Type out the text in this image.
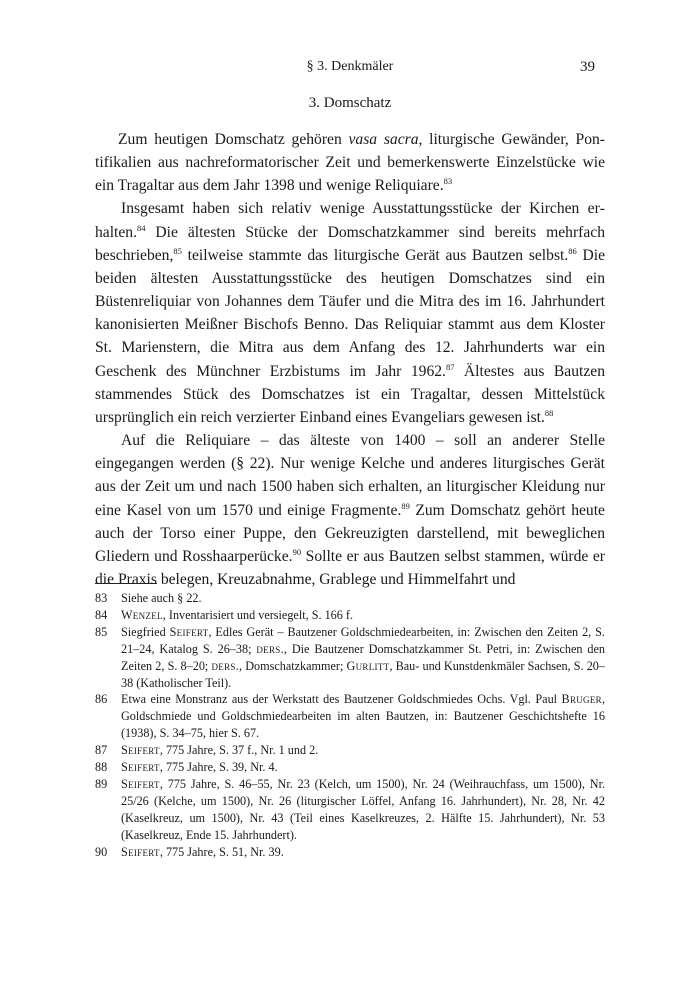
§ 3. Denkmäler	39
3. Domschatz

Zum heutigen Domschatz gehören vasa sacra, liturgische Gewänder, Pontifikalien aus nachreformatorischer Zeit und bemerkenswerte Einzelstücke wie ein Tragaltar aus dem Jahr 1398 und wenige Reliquiare.$^{83}$

Insgesamt haben sich relativ wenige Ausstattungsstücke der Kirchen erhalten.$^{84}$ Die ältesten Stücke der Domschatzkammer sind bereits mehrfach beschrieben,$^{85}$ teilweise stammte das liturgische Gerät aus Bautzen selbst.$^{86}$ Die beiden ältesten Ausstattungsstücke des heutigen Domschatzes sind ein Büstenreliquiar von Johannes dem Täufer und die Mitra des im 16. Jahrhundert kanonisierten Meißner Bischofs Benno. Das Reliquiar stammt aus dem Kloster St. Marienstern, die Mitra aus dem Anfang des 12. Jahrhunderts war ein Geschenk des Münchner Erzbistums im Jahr 1962.87 Ältestes aus Bautzen stammendes Stück des Domschatzes ist ein Tragaltar, dessen Mittelstück ursprünglich ein reich verzierter Einband eines Evangeliars gewesen ist.$^{88}$

Auf die Reliquiare – das älteste von 1400 – soll an anderer Stelle eingegangen werden (§ 22). Nur wenige Kelche und anderes liturgisches Gerät aus der Zeit um und nach 1500 haben sich erhalten, an liturgischer Kleidung nur eine Kasel von um 1570 und einige Fragmente.$^{89}$ Zum Domschatz gehört heute auch der Torso einer Puppe, den Gekreuzigten darstellend, mit beweglichen Gliedern und Rosshaarperücke.$^{90}$ Sollte er aus Bautzen selbst stammen, würde er die Praxis belegen, Kreuzabnahme, Grablege und Himmelfahrt und

83	Siehe auch § 22.
84	Wenzel, Inventarisiert und versiegelt, S. 166 f.
85	Siegfried Seifert, Edles Gerät – Bautzener Goldschmiedearbeiten, in: Zwischen den Zeiten 2, S. 21–24, Katalog S. 26–38; ders., Die Bautzener Domschatzkammer St. Petri, in: Zwischen den Zeiten 2, S. 8–20; ders., Domschatzkammer; Gurlitt, Bau- und Kunstdenkmäler Sachsen, S. 20–38 (Katholischer Teil).
86	Etwa eine Monstranz aus der Werkstatt des Bautzener Goldschmiedes Ochs. Vgl. Paul Bruger, Goldschmiede und Goldschmiedearbeiten im alten Bautzen, in: Bautzener Geschichtshefte 16 (1938), S. 34–75, hier S. 67.
87	Seifert, 775 Jahre, S. 37 f., Nr. 1 und 2.
88	Seifert, 775 Jahre, S. 39, Nr. 4.
89	Seifert, 775 Jahre, S. 46–55, Nr. 23 (Kelch, um 1500), Nr. 24 (Weihrauchfass, um 1500), Nr. 25/26 (Kelche, um 1500), Nr. 26 (liturgischer Löffel, Anfang 16. Jahrhundert), Nr. 28, Nr. 42 (Kaselkreuz, um 1500), Nr. 43 (Teil eines Kaselkreuzes, 2. Hälfte 15. Jahrhundert), Nr. 53 (Kaselkreuz, Ende 15. Jahrhundert).
90	Seifert, 775 Jahre, S. 51, Nr. 39.
